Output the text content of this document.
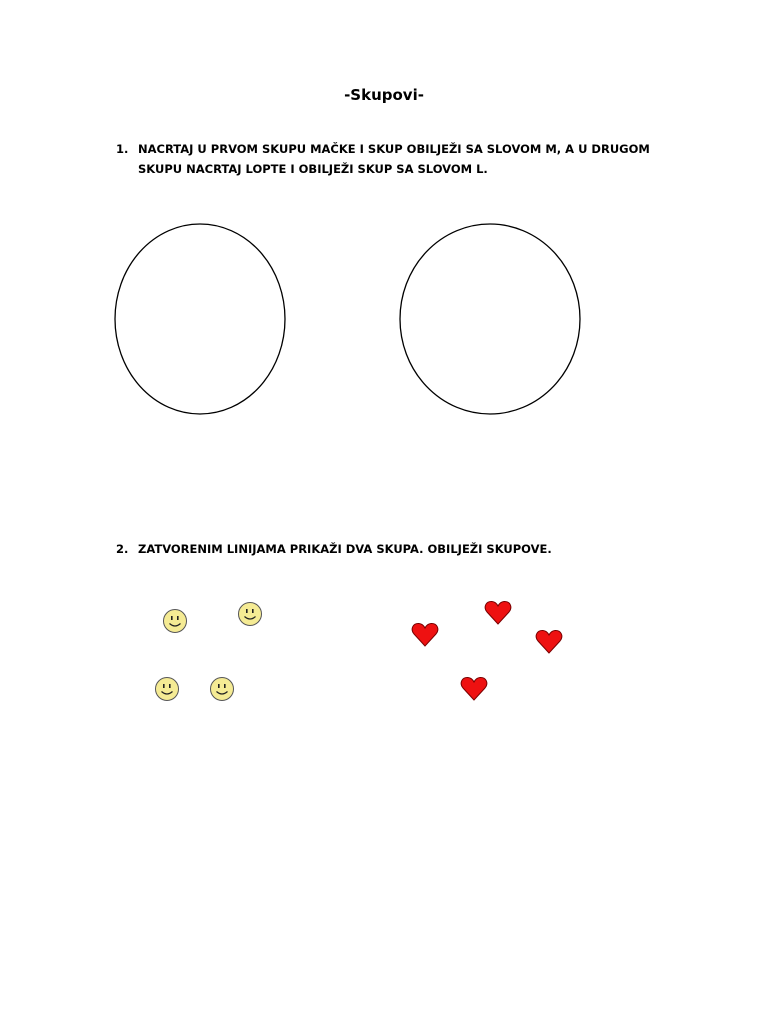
-Skupovi-
1. NACRTAJ U PRVOM SKUPU MAČKE I SKUP OBILJEŽI SA SLOVOM M, A U DRUGOM SKUPU NACRTAJ LOPTE I OBILJEŽI SKUP SA SLOVOM L.
2. ZATVORENIM LINIJAMA PRIKAŽI DVA SKUPA. OBILJEŽI SKUPOVE.
